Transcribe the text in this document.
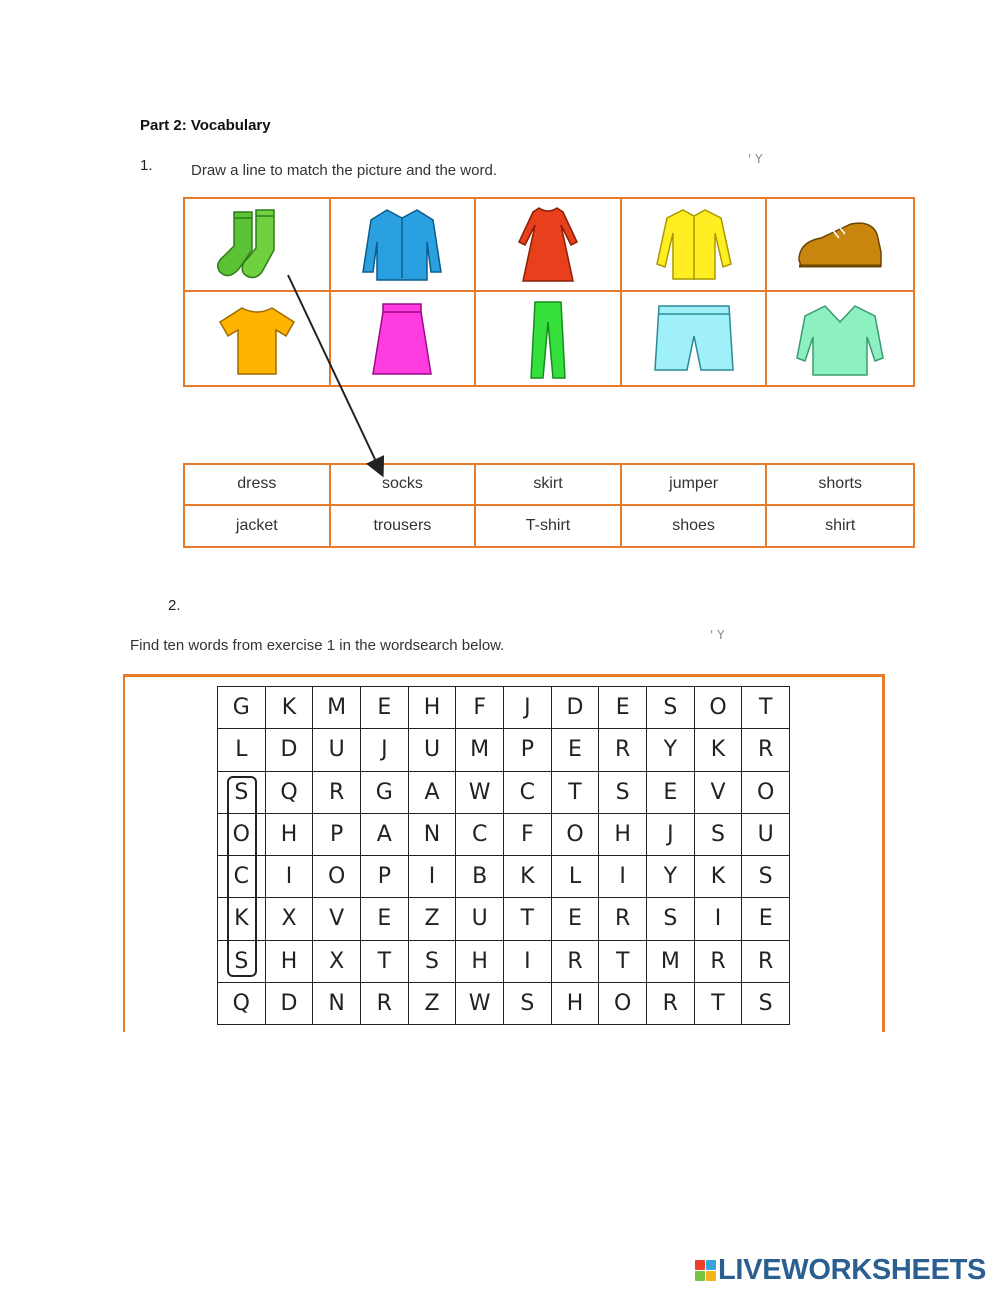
Part 2: Vocabulary
1.	Draw a line to match the picture and the word.
' Y
dress	socks	skirt	jumper	shorts
jacket	trousers	T-shirt	shoes	shirt
2.
Find ten words from exercise 1 in the wordsearch below.
' Y
G	K	M	E	H	F	J	D	E	S	O	T
L	D	U	J	U	M	P	E	R	Y	K	R
S	Q	R	G	A	W	C	T	S	E	V	O
O	H	P	A	N	C	F	O	H	J	S	U
C	I	O	P	I	B	K	L	I	Y	K	S
K	X	V	E	Z	U	T	E	R	S	I	E
S	H	X	T	S	H	I	R	T	M	R	R
Q	D	N	R	Z	W	S	H	O	R	T	S
LIVEWORKSHEETS
